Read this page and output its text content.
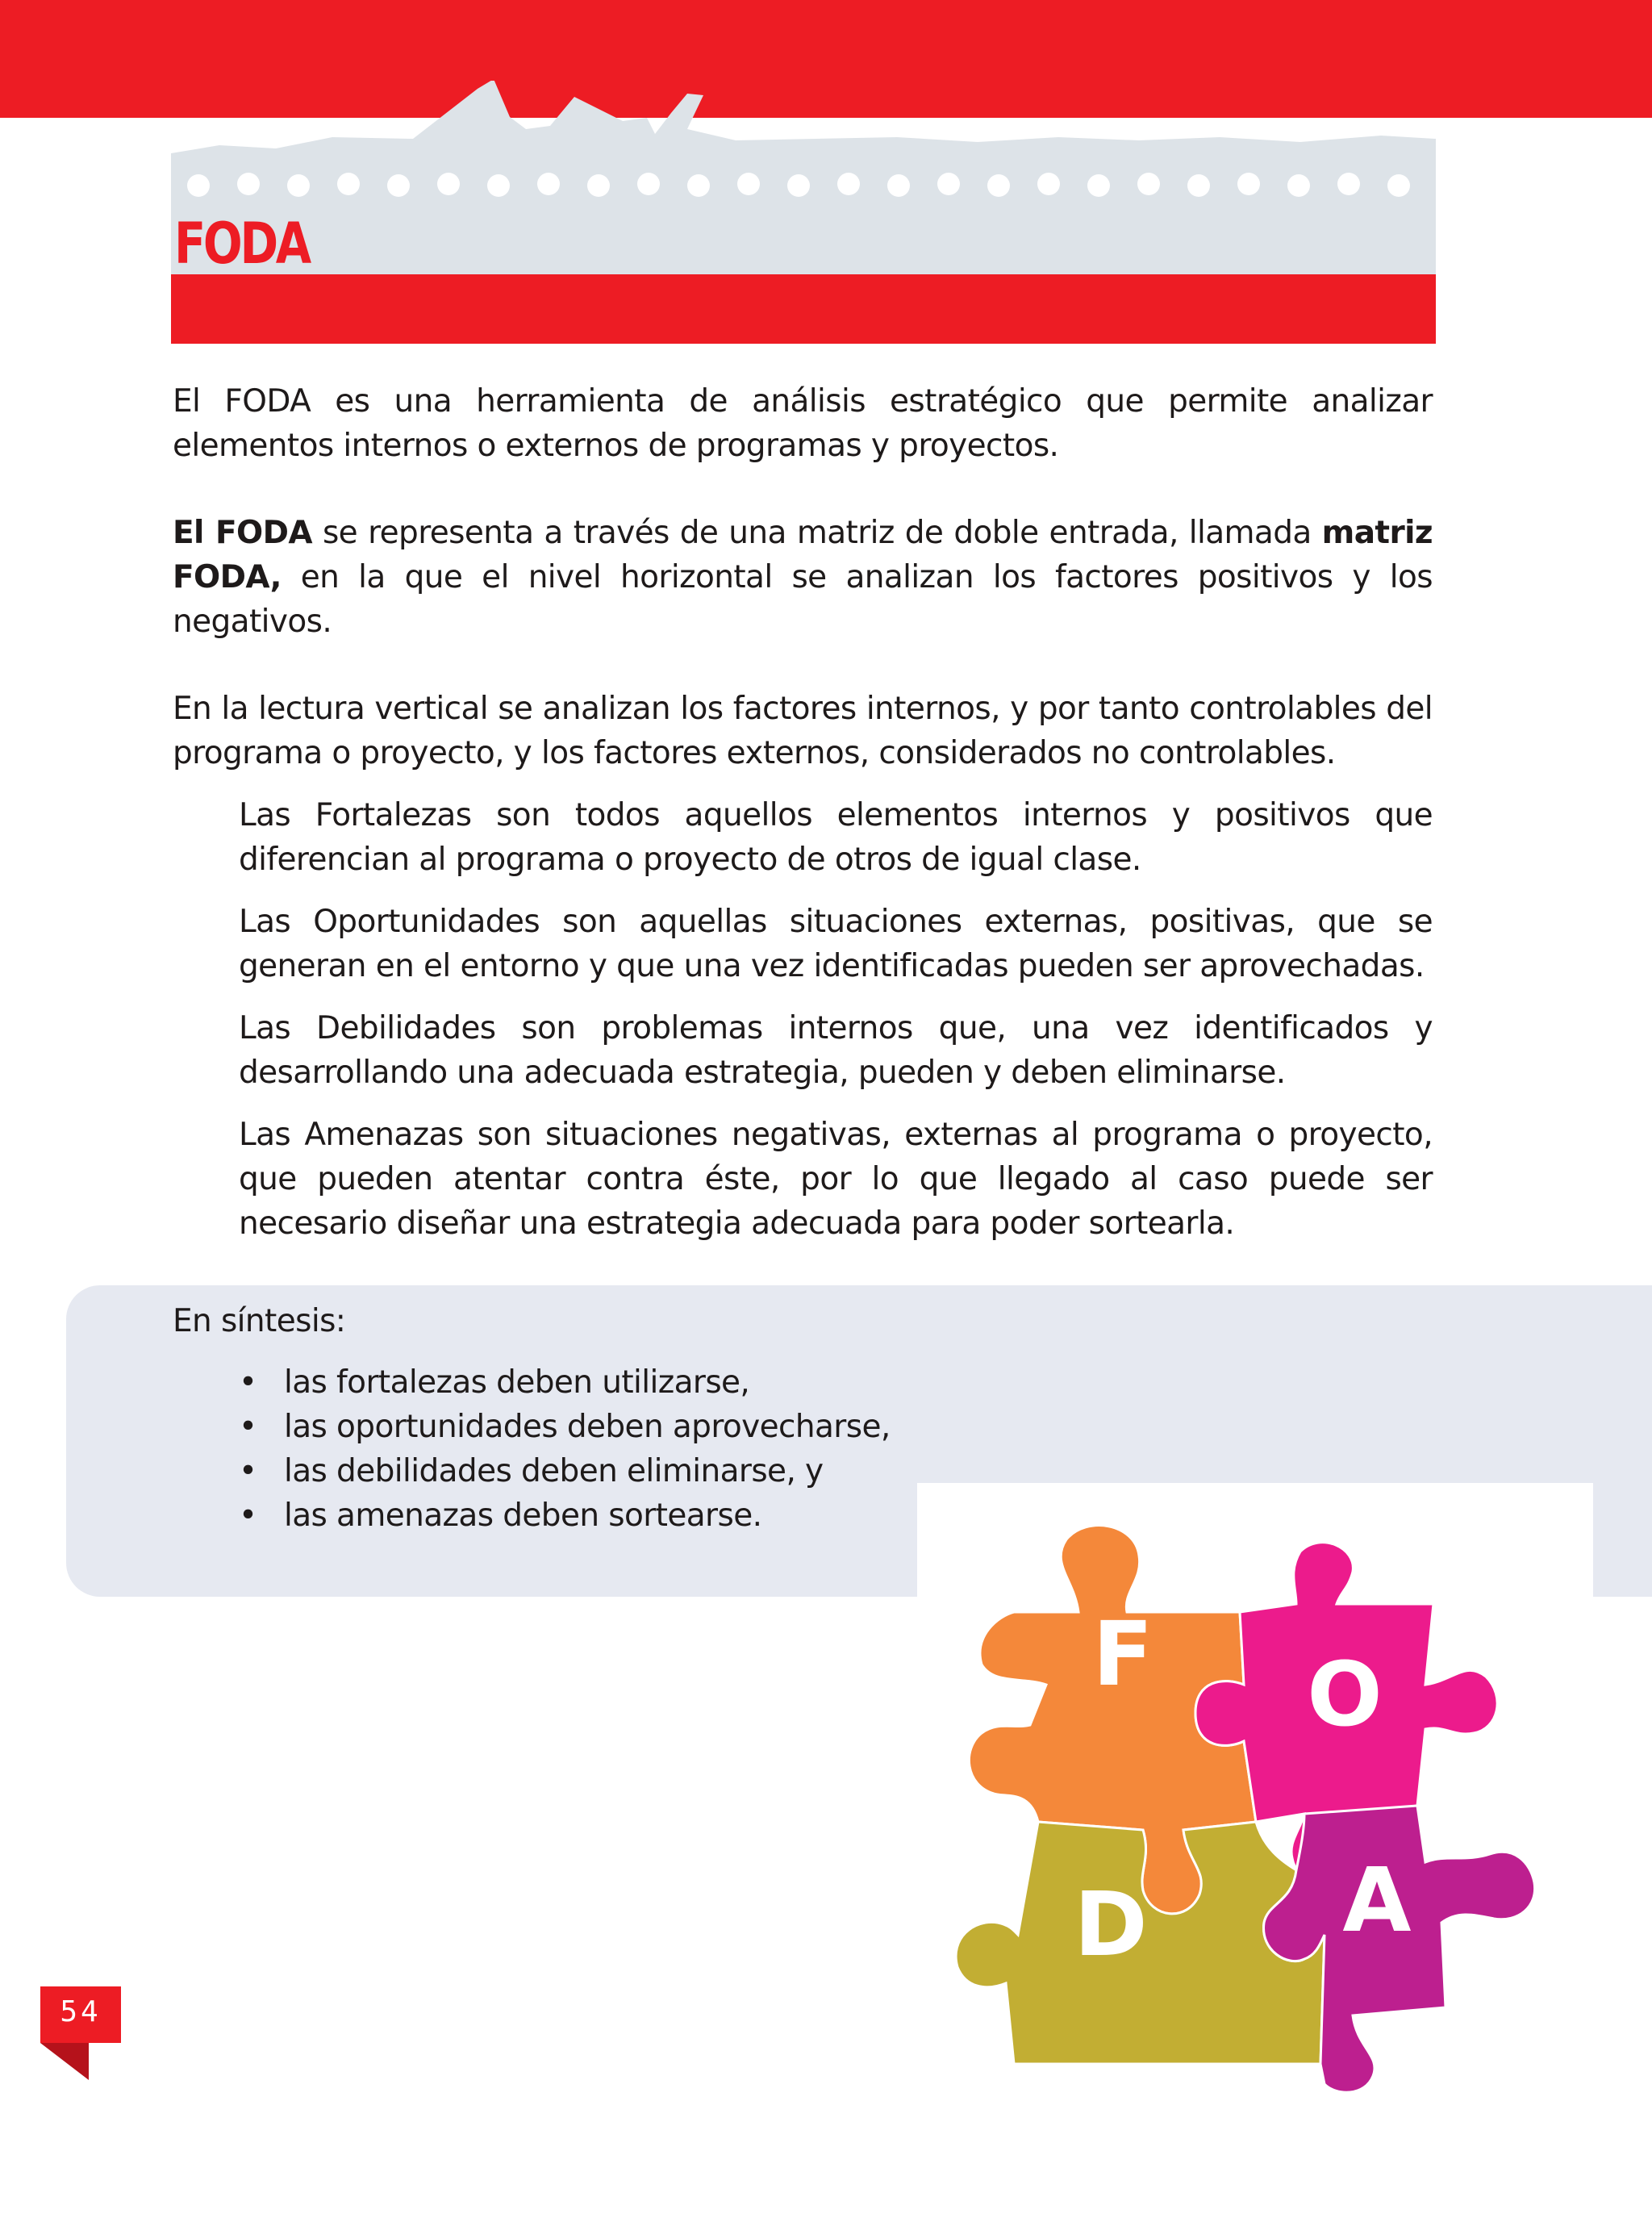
FODA

El FODA es una herramienta de análisis estratégico que permite analizar elementos internos o externos de programas y proyectos.

El FODA se representa a través de una matriz de doble entrada, llamada matriz FODA, en la que el nivel horizontal se analizan los factores positivos y los negativos.

En la lectura vertical se analizan los factores internos, y por tanto controlables del programa o proyecto, y los factores externos, considerados no controlables.

Las Fortalezas son todos aquellos elementos internos y positivos que diferencian al programa o proyecto de otros de igual clase.

Las Oportunidades son aquellas situaciones externas, positivas, que se generan en el entorno y que una vez identificadas pueden ser aprovechadas.

Las Debilidades son problemas internos que, una vez identificados y desarrollando una adecuada estrategia, pueden y deben eliminarse.

Las Amenazas son situaciones negativas, externas al programa o proyecto, que pueden atentar contra éste, por lo que llegado al caso puede ser necesario diseñar una estrategia adecuada para poder sortearla.

En síntesis:

• las fortalezas deben utilizarse,
• las oportunidades deben aprovecharse,
• las debilidades deben eliminarse, y
• las amenazas deben sortearse.
F O
D A
54
